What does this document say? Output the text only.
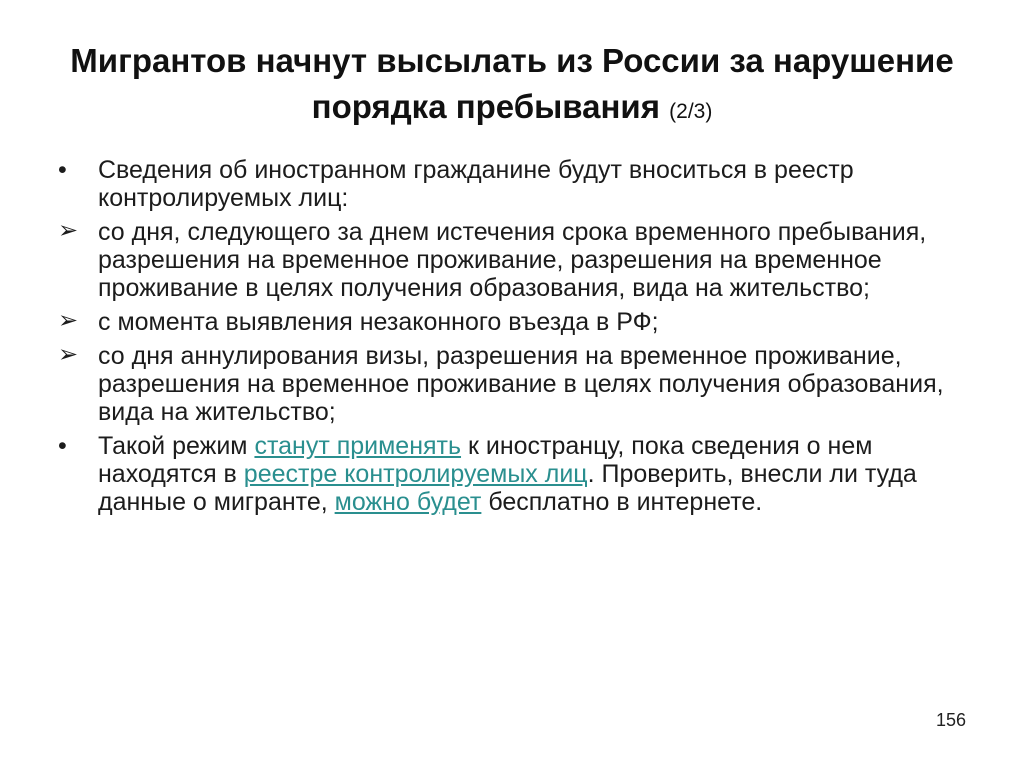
Мигрантов начнут высылать из России за нарушение порядка пребывания (2/3)
•	Сведения об иностранном гражданине будут вноситься в реестр контролируемых лиц:
➢ со дня, следующего за днем истечения срока временного пребывания, разрешения на временное проживание, разрешения на временное проживание в целях получения образования, вида на жительство;
➢ с момента выявления незаконного въезда в РФ;
➢ со дня аннулирования визы, разрешения на временное проживание, разрешения на временное проживание в целях получения образования, вида на жительство;
•	Такой режим станут применять к иностранцу, пока сведения о нем находятся в реестре контролируемых лиц. Проверить, внесли ли туда данные о мигранте, можно будет бесплатно в интернете.
156
